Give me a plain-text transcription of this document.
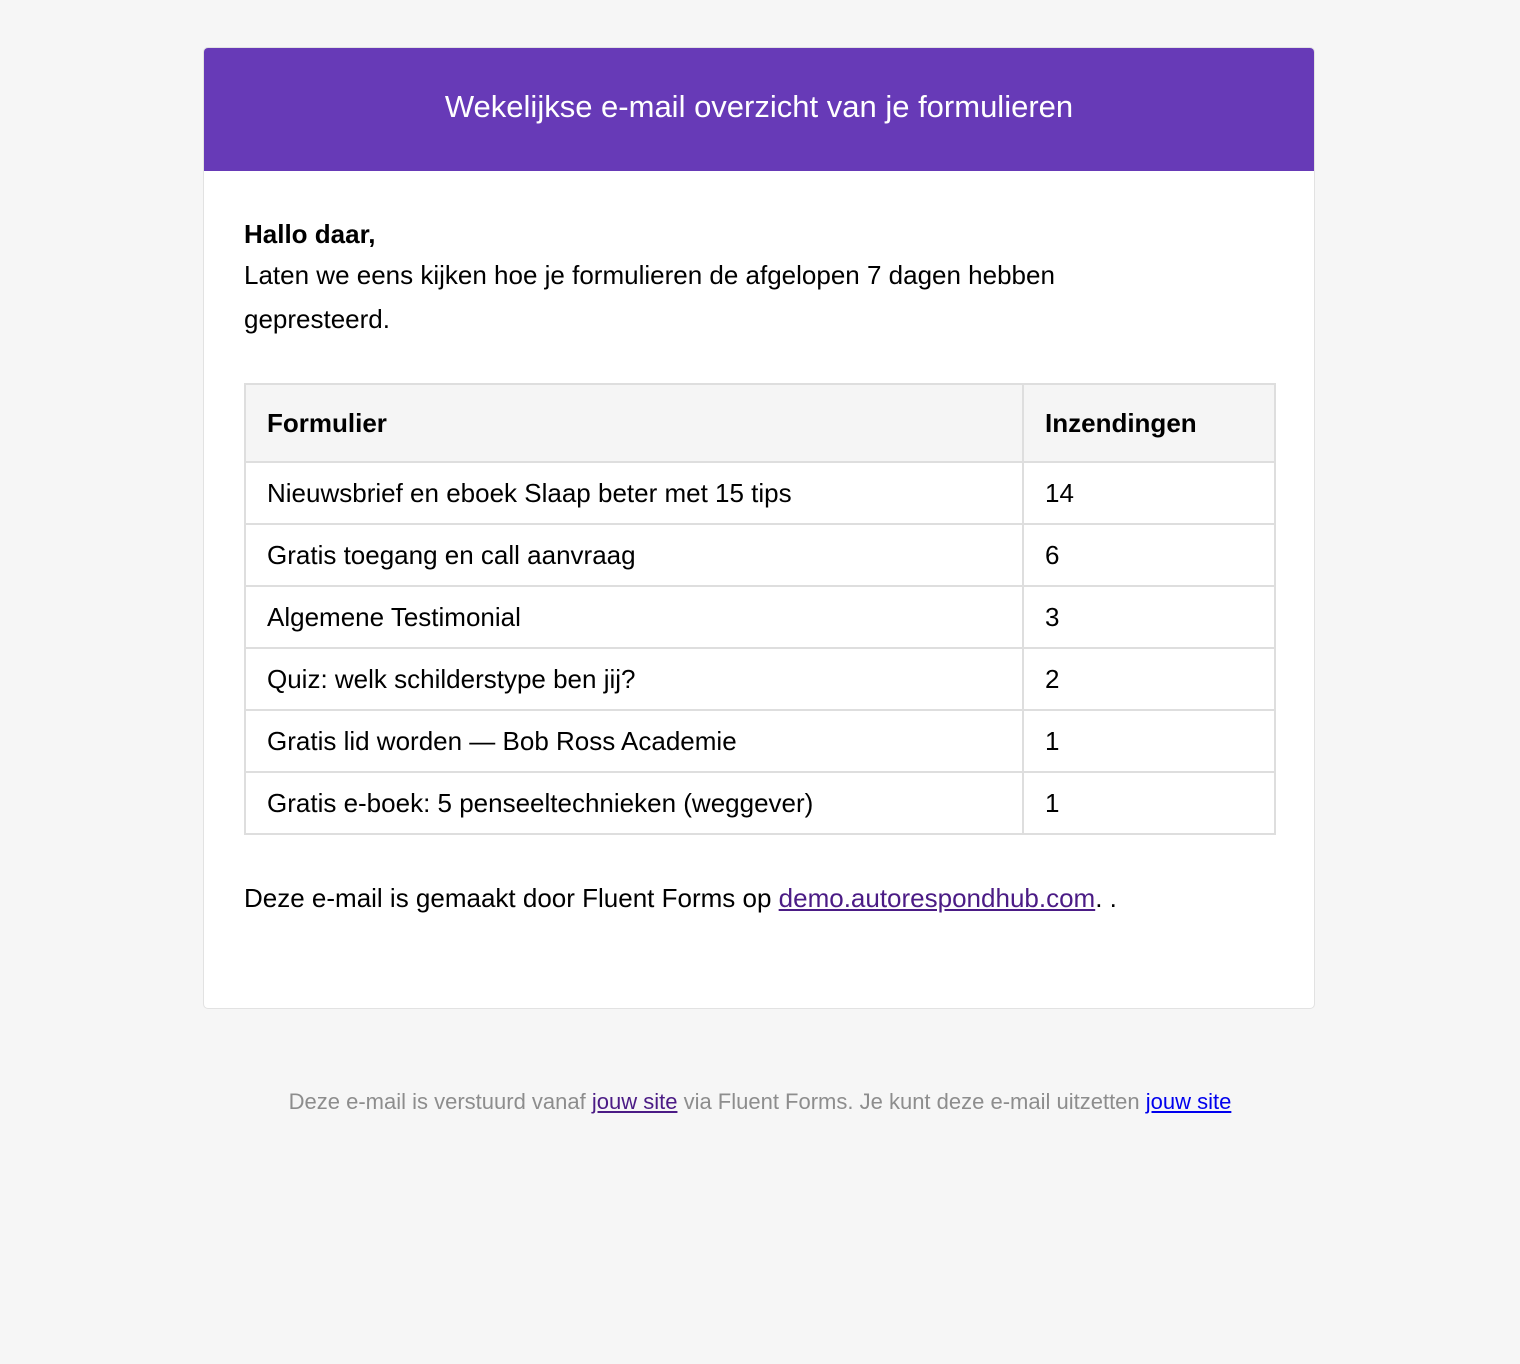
Wekelijkse e-mail overzicht van je formulieren

Hallo daar,

Laten we eens kijken hoe je formulieren de afgelopen 7 dagen hebben gepresteerd.

Formulier	Inzendingen
Nieuwsbrief en eboek Slaap beter met 15 tips	14
Gratis toegang en call aanvraag	6
Algemene Testimonial	3
Quiz: welk schilderstype ben jij?	2
Gratis lid worden — Bob Ross Academie	1
Gratis e-boek: 5 penseeltechnieken (weggever)	1

Deze e-mail is gemaakt door Fluent Forms op demo.autorespondhub.com. .

Deze e-mail is verstuurd vanaf jouw site via Fluent Forms. Je kunt deze e-mail uitzetten jouw site
